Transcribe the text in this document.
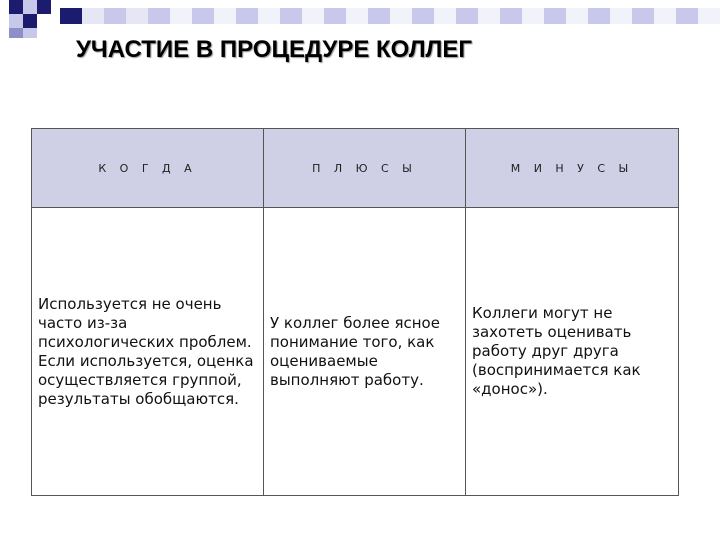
УЧАСТИЕ В ПРОЦЕДУРЕ КОЛЛЕГ
К О Г Д А	П Л Ю С Ы	М И Н У С Ы
Используется не очень часто из-за психологических проблем. Если используется, оценка осуществляется группой, результаты обобщаются.	У коллег более ясное понимание того, как оцениваемые выполняют работу.	Коллеги могут не захотеть оценивать работу друг друга (воспринимается как «донос»).
